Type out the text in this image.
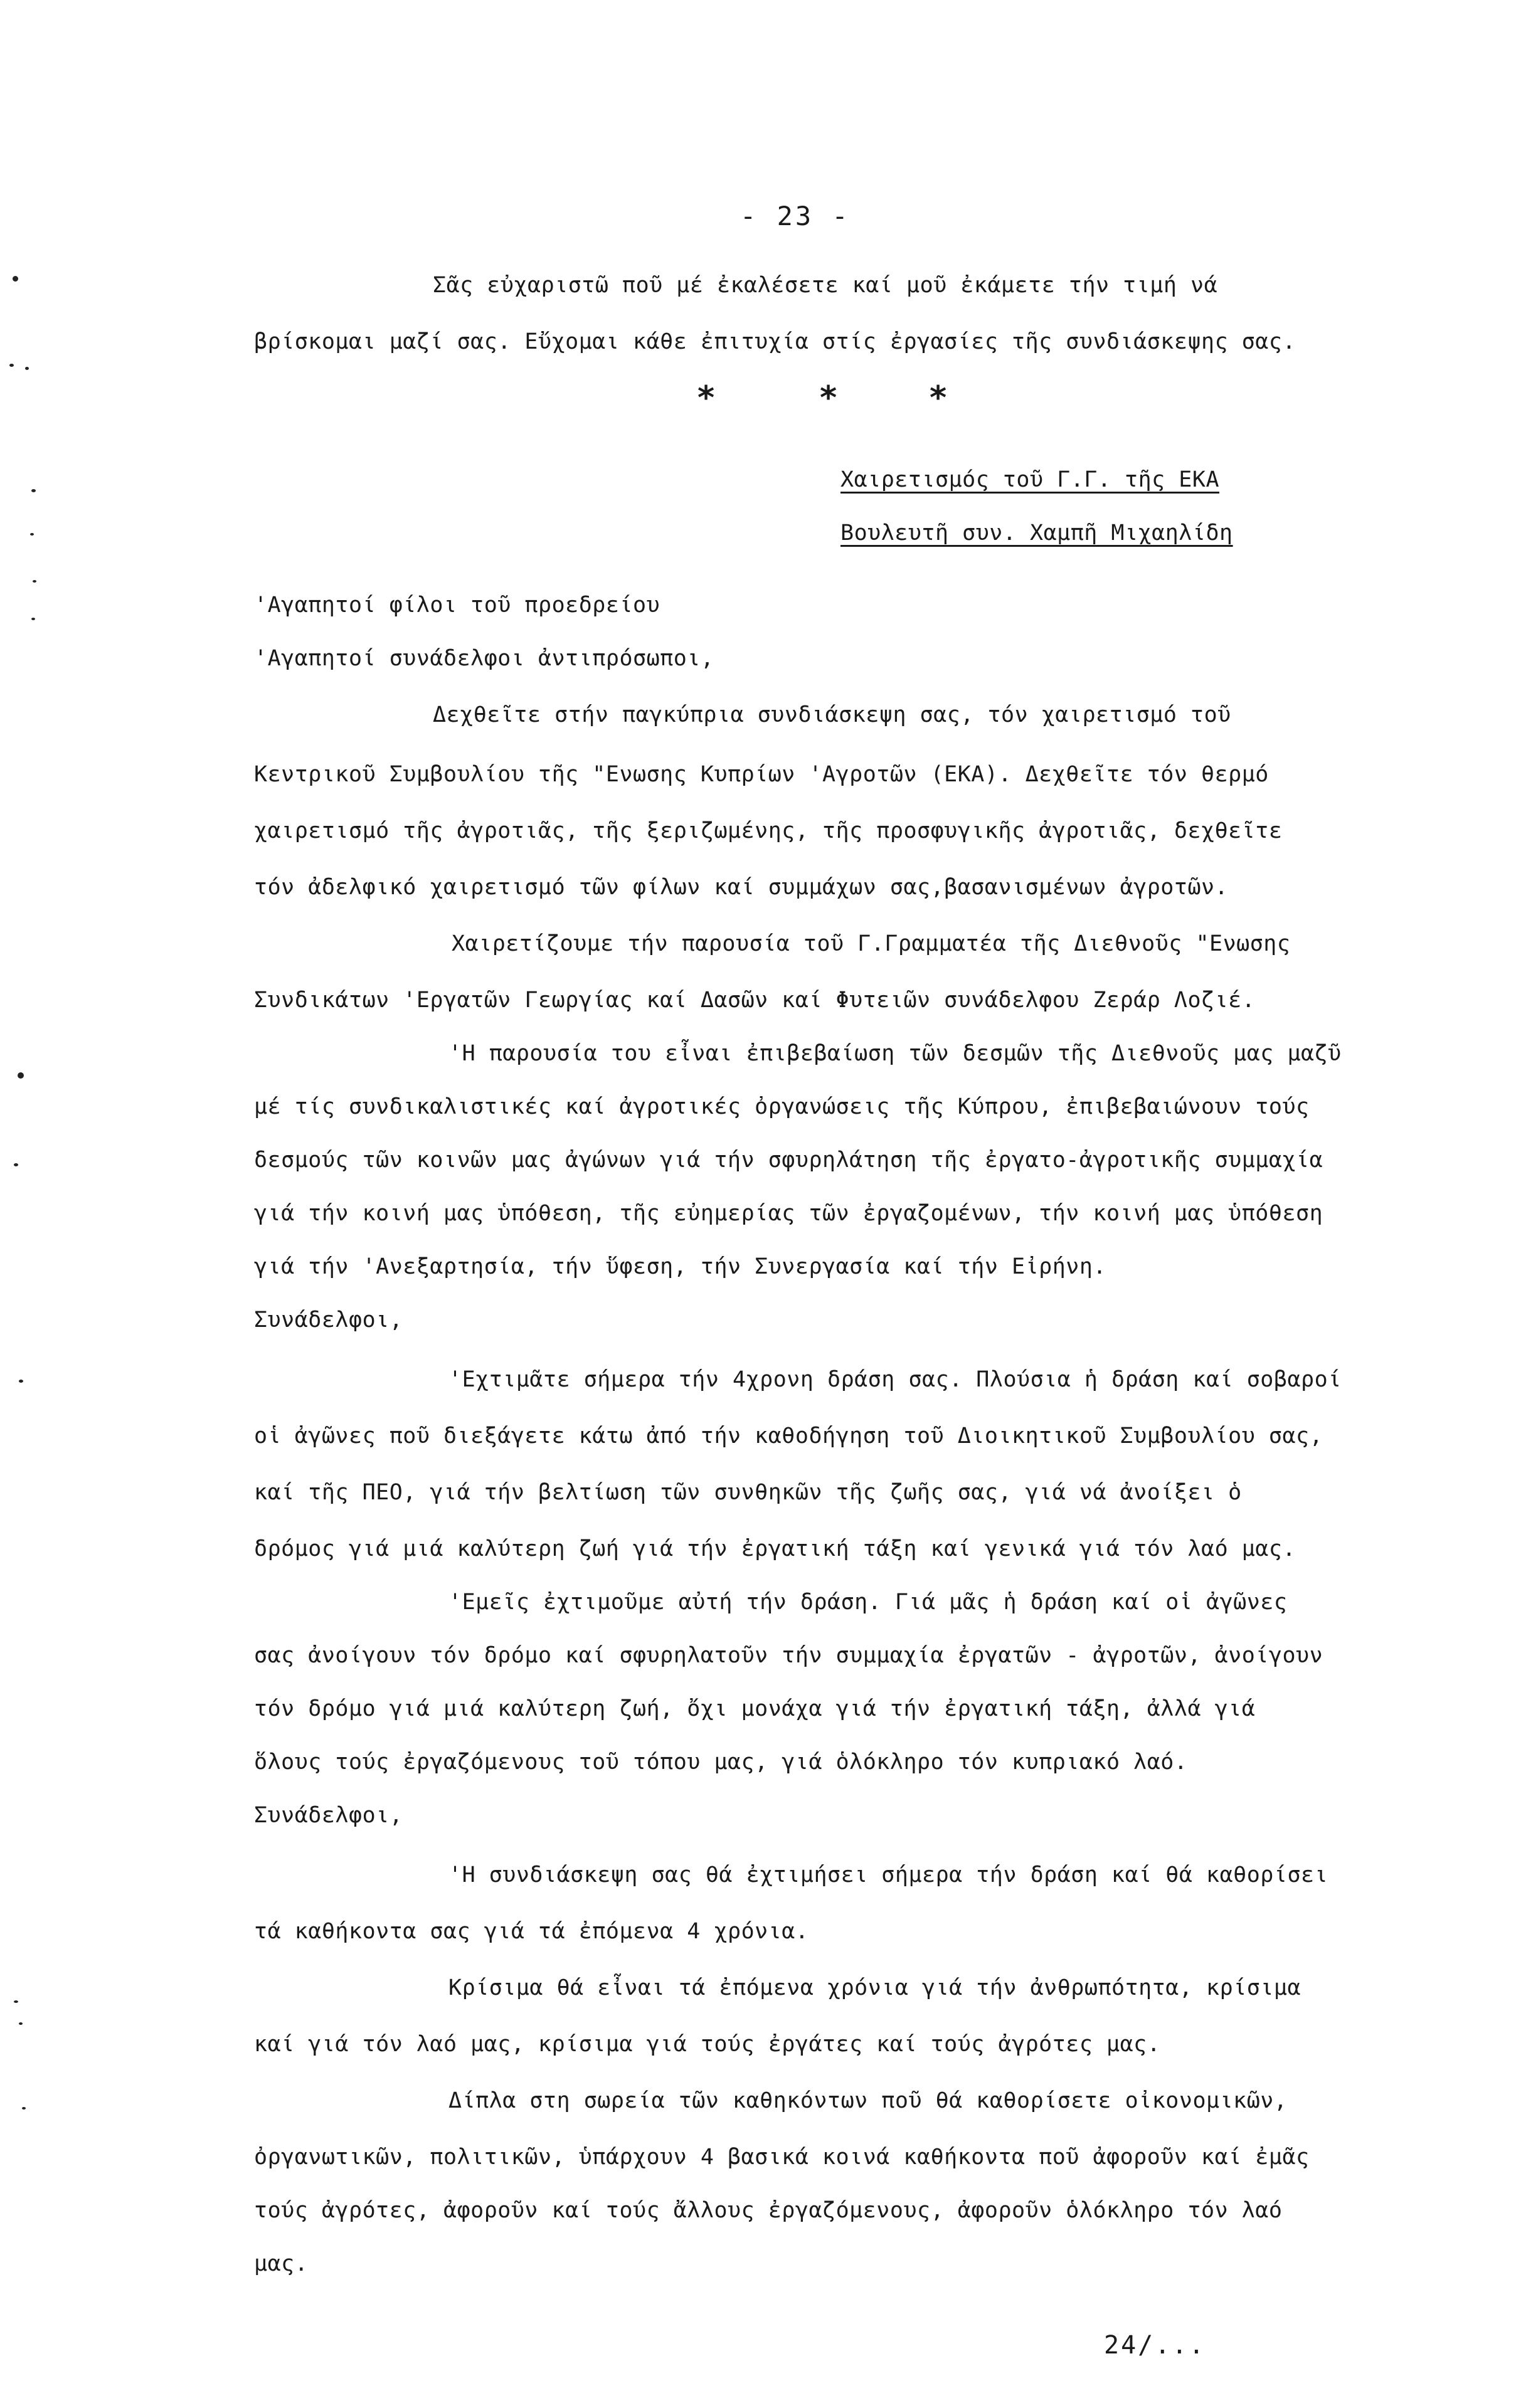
- 23 -
Σᾶς εὐχαριστῶ ποῦ μέ ἐκαλέσετε καί μοῦ ἐκάμετε τήν τιμή νά
βρίσκομαι μαζί σας. Εὔχομαι κάθε ἐπιτυχία στίς ἐργασίες τῆς συνδιάσκεψης σας.
*	*	*
Χαιρετισμός τοῦ Γ.Γ. τῆς ΕΚΑ
Βουλευτῆ συν. Χαμπῆ Μιχαηλίδη
'Αγαπητοί φίλοι τοῦ προεδρείου
'Αγαπητοί συνάδελφοι ἀντιπρόσωποι,
Δεχθεῖτε στήν παγκύπρια συνδιάσκεψη σας, τόν χαιρετισμό τοῦ
Κεντρικοῦ Συμβουλίου τῆς "Ενωσης Κυπρίων 'Αγροτῶν (ΕΚΑ). Δεχθεῖτε τόν θερμό
χαιρετισμό τῆς ἀγροτιᾶς, τῆς ξεριζωμένης, τῆς προσφυγικῆς ἀγροτιᾶς, δεχθεῖτε
τόν ἀδελφικό χαιρετισμό τῶν φίλων καί συμμάχων σας,βασανισμένων ἀγροτῶν.
Χαιρετίζουμε τήν παρουσία τοῦ Γ.Γραμματέα τῆς Διεθνοῦς "Ενωσης
Συνδικάτων 'Εργατῶν Γεωργίας καί Δασῶν καί Φυτειῶν συνάδελφου Ζεράρ Λοζιέ.
'Η παρουσία του εἶναι ἐπιβεβαίωση τῶν δεσμῶν τῆς Διεθνοῦς μας μαζῦ
μέ τίς συνδικαλιστικές καί ἀγροτικές ὀργανώσεις τῆς Κύπρου, ἐπιβεβαιώνουν τούς
δεσμούς τῶν κοινῶν μας ἀγώνων γιά τήν σφυρηλάτηση τῆς ἐργατο-ἀγροτικῆς συμμαχία
γιά τήν κοινή μας ὑπόθεση, τῆς εὐημερίας τῶν ἐργαζομένων, τήν κοινή μας ὑπόθεση
γιά τήν 'Ανεξαρτησία, τήν ὕφεση, τήν Συνεργασία καί τήν Εἰρήνη.
Συνάδελφοι,
'Εχτιμᾶτε σήμερα τήν 4χρονη δράση σας. Πλούσια ἡ δράση καί σοβαροί
οἱ ἀγῶνες ποῦ διεξάγετε κάτω ἀπό τήν καθοδήγηση τοῦ Διοικητικοῦ Συμβουλίου σας,
καί τῆς ΠΕΟ, γιά τήν βελτίωση τῶν συνθηκῶν τῆς ζωῆς σας, γιά νά ἀνοίξει ὁ
δρόμος γιά μιά καλύτερη ζωή γιά τήν ἐργατική τάξη καί γενικά γιά τόν λαό μας.
'Εμεῖς ἐχτιμοῦμε αὐτή τήν δράση. Γιά μᾶς ἡ δράση καί οἱ ἀγῶνες
σας ἀνοίγουν τόν δρόμο καί σφυρηλατοῦν τήν συμμαχία ἐργατῶν - ἀγροτῶν, ἀνοίγουν
τόν δρόμο γιά μιά καλύτερη ζωή, ὄχι μονάχα γιά τήν ἐργατική τάξη, ἀλλά γιά
ὅλους τούς ἐργαζόμενους τοῦ τόπου μας, γιά ὁλόκληρο τόν κυπριακό λαό.
Συνάδελφοι,
'Η συνδιάσκεψη σας θά ἐχτιμήσει σήμερα τήν δράση καί θά καθορίσει
τά καθήκοντα σας γιά τά ἐπόμενα 4 χρόνια.
Κρίσιμα θά εἶναι τά ἐπόμενα χρόνια γιά τήν ἀνθρωπότητα, κρίσιμα
καί γιά τόν λαό μας, κρίσιμα γιά τούς ἐργάτες καί τούς ἀγρότες μας.
Δίπλα στη σωρεία τῶν καθηκόντων ποῦ θά καθορίσετε οἰκονομικῶν,
ὀργανωτικῶν, πολιτικῶν, ὑπάρχουν 4 βασικά κοινά καθήκοντα ποῦ ἀφοροῦν καί ἐμᾶς
τούς ἀγρότες, ἀφοροῦν καί τούς ἄλλους ἐργαζόμενους, ἀφοροῦν ὁλόκληρο τόν λαό
μας.
24/...
